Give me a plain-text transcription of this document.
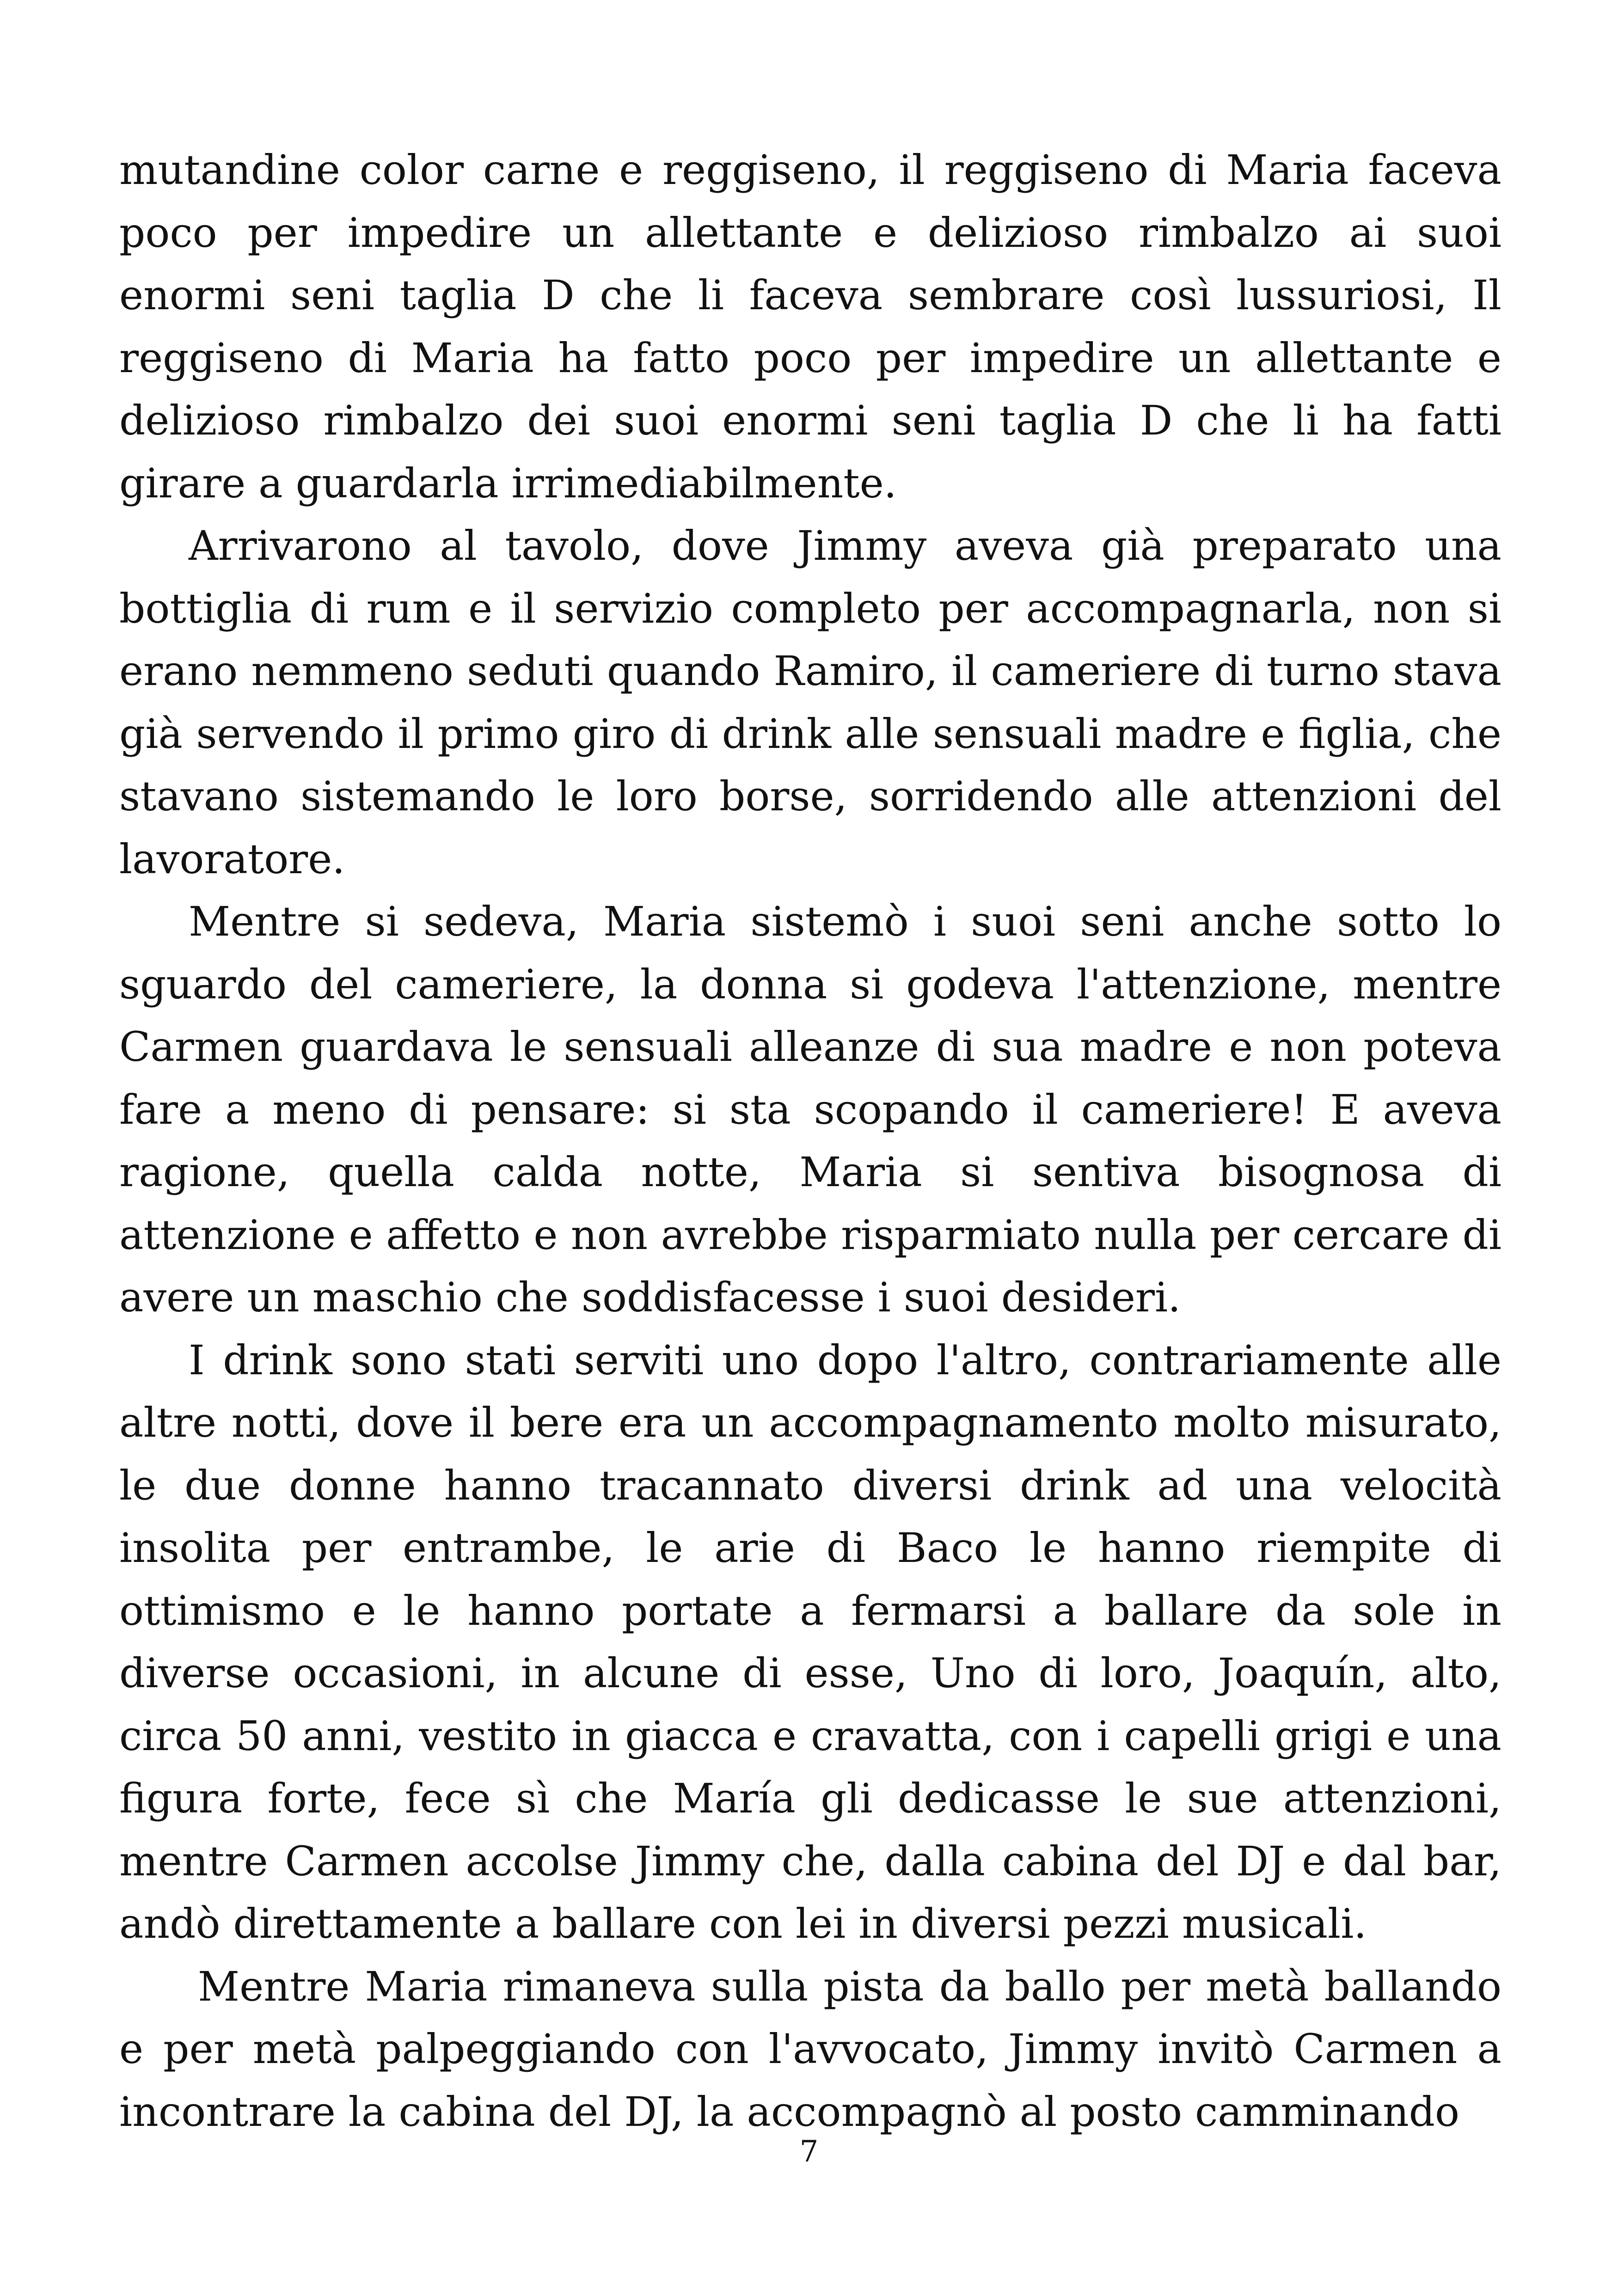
mutandine color carne e reggiseno, il reggiseno di Maria faceva poco per impedire un allettante e delizioso rimbalzo ai suoi enormi seni taglia D che li faceva sembrare così lussuriosi, Il reggiseno di Maria ha fatto poco per impedire un allettante e delizioso rimbalzo dei suoi enormi seni taglia D che li ha fatti girare a guardarla irrimediabilmente.

Arrivarono al tavolo, dove Jimmy aveva già preparato una bottiglia di rum e il servizio completo per accompagnarla, non si erano nemmeno seduti quando Ramiro, il cameriere di turno stava già servendo il primo giro di drink alle sensuali madre e figlia, che stavano sistemando le loro borse, sorridendo alle attenzioni del lavoratore.

Mentre si sedeva, Maria sistemò i suoi seni anche sotto lo sguardo del cameriere, la donna si godeva l'attenzione, mentre Carmen guardava le sensuali alleanze di sua madre e non poteva fare a meno di pensare: si sta scopando il cameriere! E aveva ragione, quella calda notte, Maria si sentiva bisognosa di attenzione e affetto e non avrebbe risparmiato nulla per cercare di avere un maschio che soddisfacesse i suoi desideri.

I drink sono stati serviti uno dopo l'altro, contrariamente alle altre notti, dove il bere era un accompagnamento molto misurato, le due donne hanno tracannato diversi drink ad una velocità insolita per entrambe, le arie di Baco le hanno riempite di ottimismo e le hanno portate a fermarsi a ballare da sole in diverse occasioni, in alcune di esse, Uno di loro, Joaquín, alto, circa 50 anni, vestito in giacca e cravatta, con i capelli grigi e una figura forte, fece sì che María gli dedicasse le sue attenzioni, mentre Carmen accolse Jimmy che, dalla cabina del DJ e dal bar, andò direttamente a ballare con lei in diversi pezzi musicali.

Mentre Maria rimaneva sulla pista da ballo per metà ballando e per metà palpeggiando con l'avvocato, Jimmy invitò Carmen a incontrare la cabina del DJ, la accompagnò al posto camminando

7
